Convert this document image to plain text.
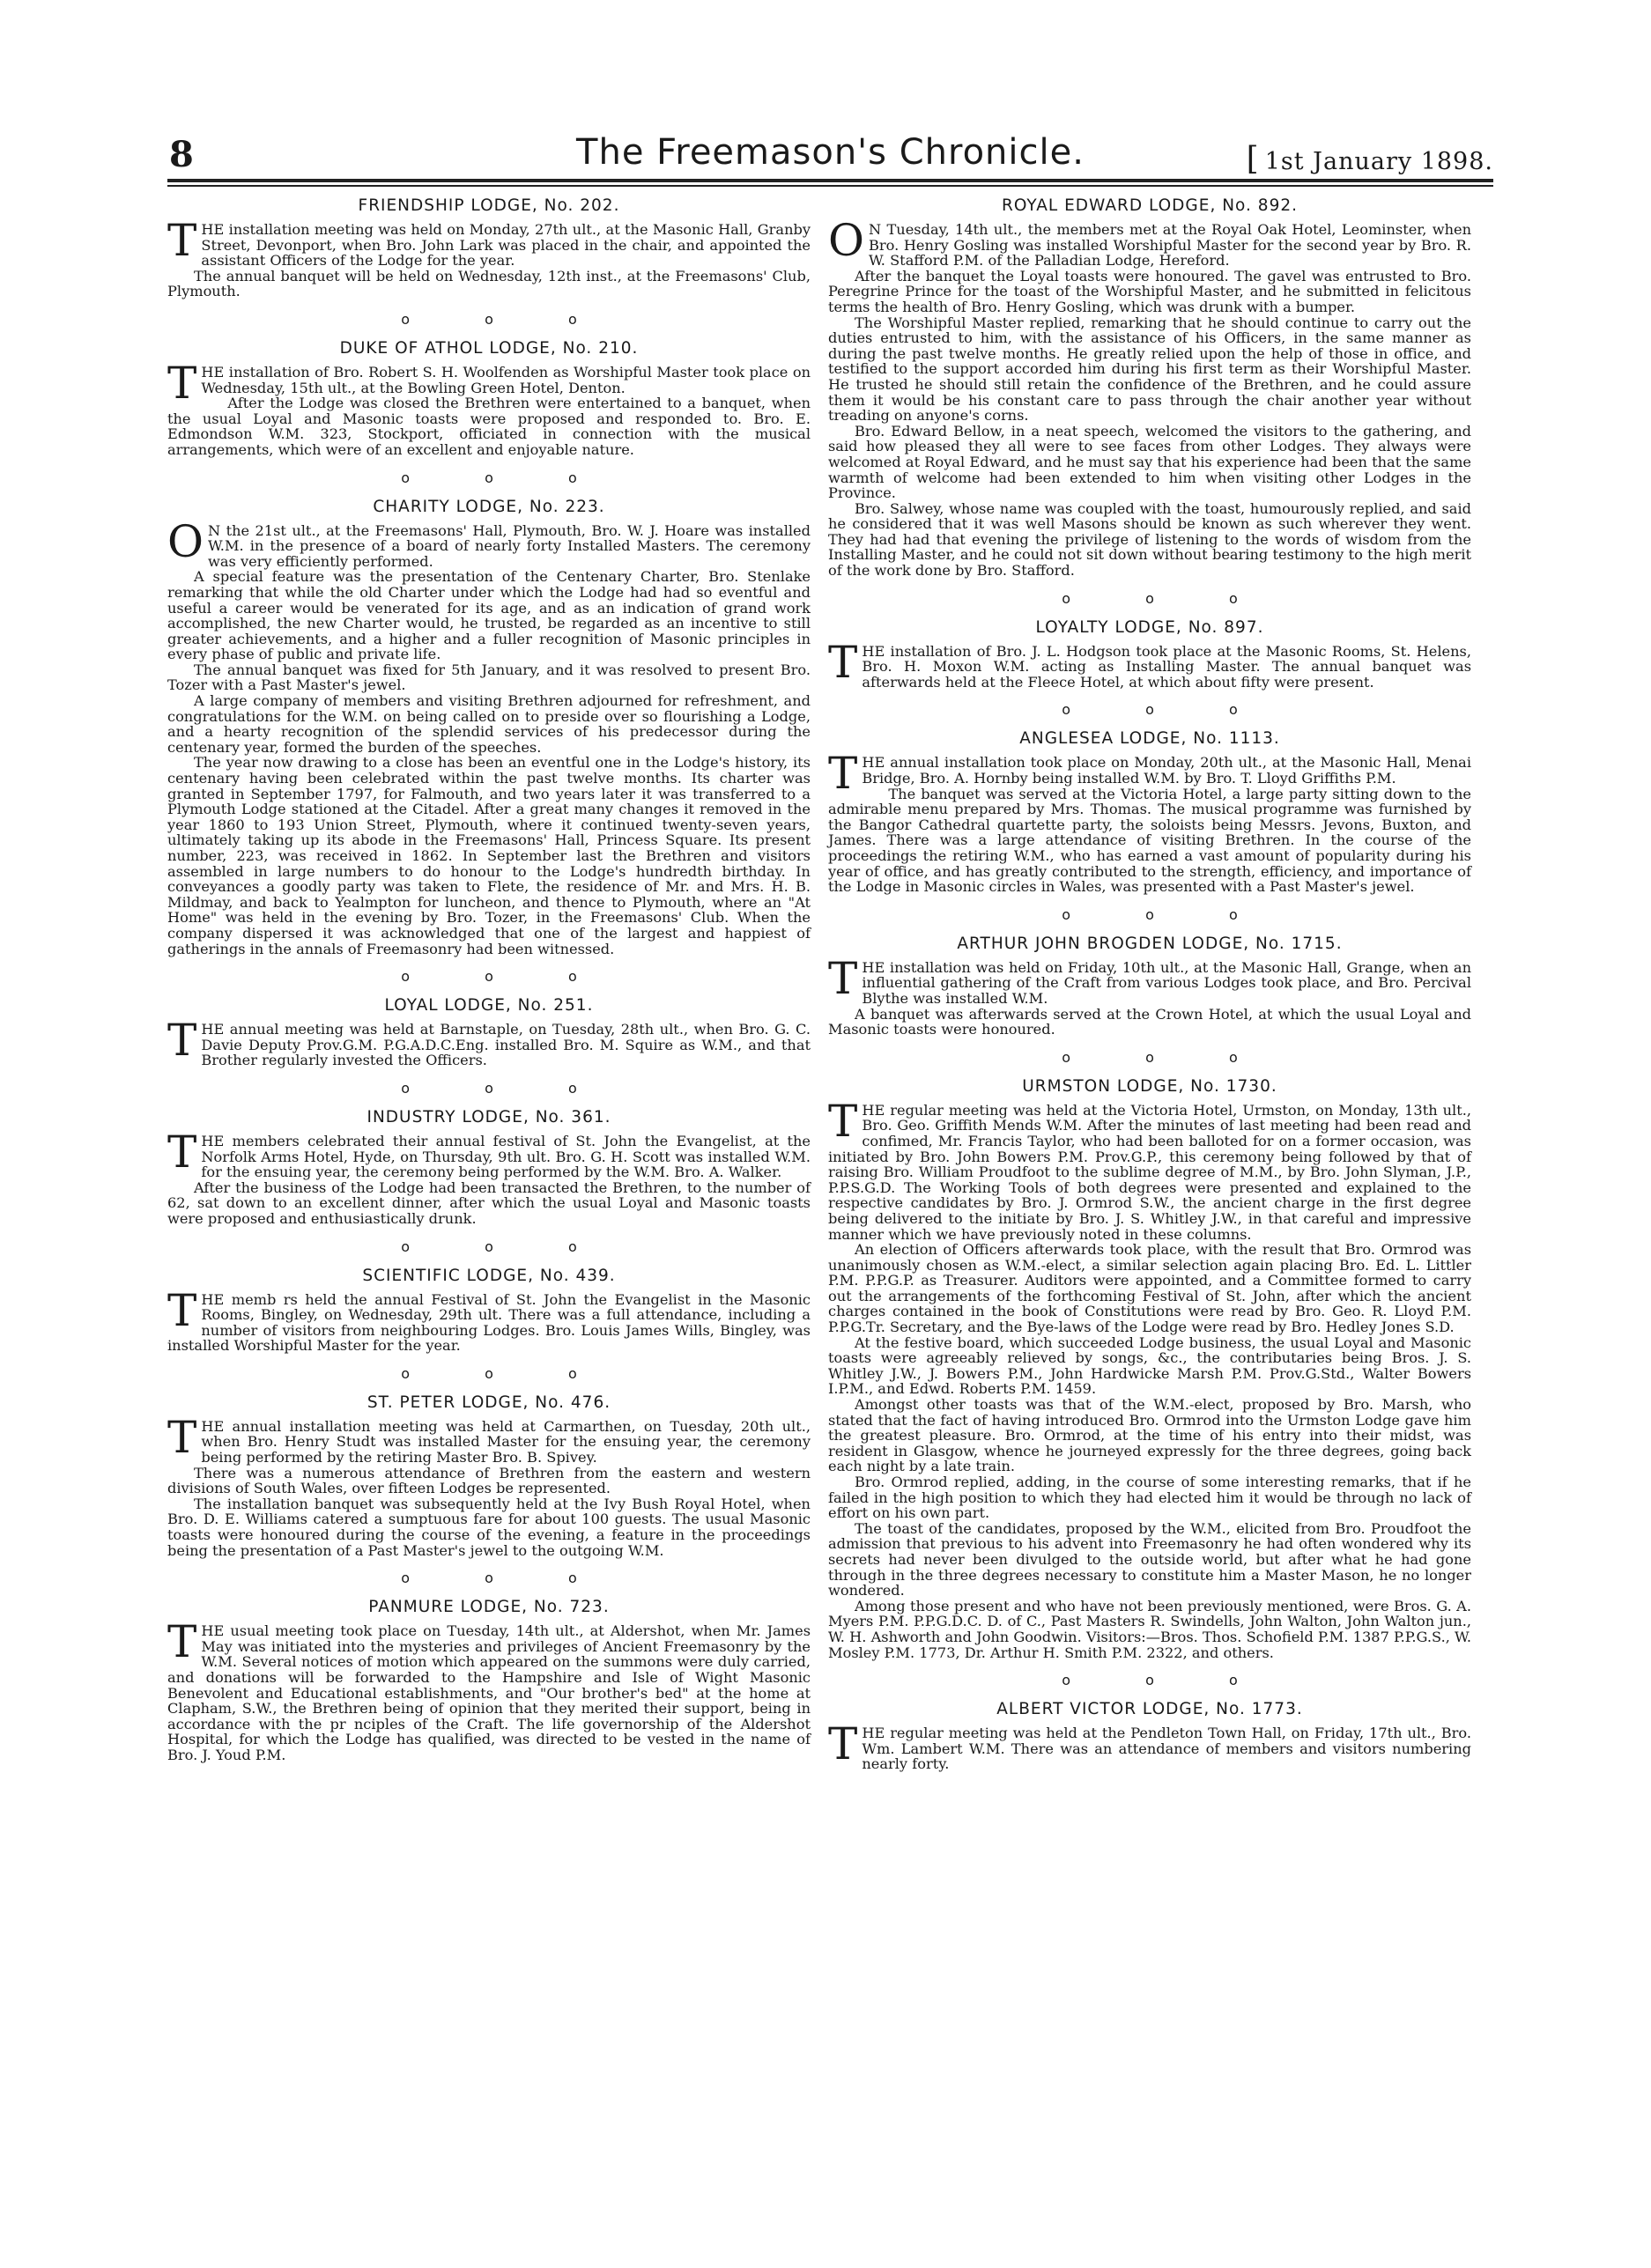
8	The Freemason's Chronicle.	[ 1st January 1898.
FRIENDSHIP LODGE, No. 202.

THE installation meeting was held on Monday, 27th ult., at the Masonic Hall, Granby Street, Devonport, when Bro. John Lark was placed in the chair, and appointed the assistant Officers of the Lodge for the year.

The annual banquet will be held on Wednesday, 12th inst., at the Freemasons' Club, Plymouth.

o o o
DUKE OF ATHOL LODGE, No. 210.

THE installation of Bro. Robert S. H. Woolfenden as Worshipful Master took place on Wednesday, 15th ult., at the Bowling Green Hotel, Denton.

After the Lodge was closed the Brethren were entertained to a banquet, when the usual Loyal and Masonic toasts were proposed and responded to. Bro. E. Edmondson W.M. 323, Stockport, officiated in connection with the musical arrangements, which were of an excellent and enjoyable nature.

o o o
CHARITY LODGE, No. 223.

O N the 21st ult., at the Freemasons' Hall, Plymouth, Bro. W. J. Hoare was installed W.M. in the presence of a board of nearly forty Installed Masters. The ceremony was very efficiently performed.

A special feature was the presentation of the Centenary Charter, Bro. Stenlake remarking that while the old Charter under which the Lodge had had so eventful and useful a career would be venerated for its age, and as an indication of grand work accomplished, the new Charter would, he trusted, be regarded as an incentive to still greater achievements, and a higher and a fuller recognition of Masonic principles in every phase of public and private life.

The annual banquet was fixed for 5th January, and it was resolved to present Bro. Tozer with a Past Master's jewel.

A large company of members and visiting Brethren adjourned for refreshment, and congratulations for the W.M. on being called on to preside over so flourishing a Lodge, and a hearty recognition of the splendid services of his predecessor during the centenary year, formed the burden of the speeches.

The year now drawing to a close has been an eventful one in the Lodge's history, its centenary having been celebrated within the past twelve months. Its charter was granted in September 1797, for Falmouth, and two years later it was transferred to a Plymouth Lodge stationed at the Citadel. After a great many changes it removed in the year 1860 to 193 Union Street, Plymouth, where it continued twenty-seven years, ultimately taking up its abode in the Freemasons' Hall, Princess Square. Its present number, 223, was received in 1862. In September last the Brethren and visitors assembled in large numbers to do honour to the Lodge's hundredth birthday. In conveyances a goodly party was taken to Flete, the residence of Mr. and Mrs. H. B. Mildmay, and back to Yealmpton for luncheon, and thence to Plymouth, where an "At Home" was held in the evening by Bro. Tozer, in the Freemasons' Club. When the company dispersed it was acknowledged that one of the largest and happiest of gatherings in the annals of Freemasonry had been witnessed.

o o o
LOYAL LODGE, No. 251.

THE annual meeting was held at Barnstaple, on Tuesday, 28th ult., when Bro. G. C. Davie Deputy Prov.G.M. P.G.A.D.C.Eng. installed Bro. M. Squire as W.M., and that Brother regularly invested the Officers.

o o o
INDUSTRY LODGE, No. 361.

THE members celebrated their annual festival of St. John the Evangelist, at the Norfolk Arms Hotel, Hyde, on Thursday, 9th ult. Bro. G. H. Scott was installed W.M. for the ensuing year, the ceremony being performed by the W.M. Bro. A. Walker.

After the business of the Lodge had been transacted the Brethren, to the number of 62, sat down to an excellent dinner, after which the usual Loyal and Masonic toasts were proposed and enthusiastically drunk.

o o o
SCIENTIFIC LODGE, No. 439.

THE memb rs held the annual Festival of St. John the Evangelist in the Masonic Rooms, Bingley, on Wednesday, 29th ult. There was a full attendance, including a number of visitors from neighbouring Lodges. Bro. Louis James Wills, Bingley, was installed Worshipful Master for the year.

o o o
ST. PETER LODGE, No. 476.

THE annual installation meeting was held at Carmarthen, on Tuesday, 20th ult., when Bro. Henry Studt was installed Master for the ensuing year, the ceremony being performed by the retiring Master Bro. B. Spivey.

There was a numerous attendance of Brethren from the eastern and western divisions of South Wales, over fifteen Lodges be represented.

The installation banquet was subsequently held at the Ivy Bush Royal Hotel, when Bro. D. E. Williams catered a sumptuous fare for about 100 guests. The usual Masonic toasts were honoured during the course of the evening, a feature in the proceedings being the presentation of a Past Master's jewel to the outgoing W.M.

o o o
PANMURE LODGE, No. 723.

THE usual meeting took place on Tuesday, 14th ult., at Aldershot, when Mr. James May was initiated into the mysteries and privileges of Ancient Freemasonry by the W.M. Several notices of motion which appeared on the summons were duly carried, and donations will be forwarded to the Hampshire and Isle of Wight Masonic Benevolent and Educational establishments, and "Our brother's bed" at the home at Clapham, S.W., the Brethren being of opinion that they merited their support, being in accordance with the pr nciples of the Craft. The life governorship of the Aldershot Hospital, for which the Lodge has qualified, was directed to be vested in the name of Bro. J. Youd P.M.

ROYAL EDWARD LODGE, No. 892.

O N Tuesday, 14th ult., the members met at the Royal Oak Hotel, Leominster, when Bro. Henry Gosling was installed Worshipful Master for the second year by Bro. R. W. Stafford P.M. of the Palladian Lodge, Hereford.

After the banquet the Loyal toasts were honoured. The gavel was entrusted to Bro. Peregrine Prince for the toast of the Worshipful Master, and he submitted in felicitous terms the health of Bro. Henry Gosling, which was drunk with a bumper.

The Worshipful Master replied, remarking that he should continue to carry out the duties entrusted to him, with the assistance of his Officers, in the same manner as during the past twelve months. He greatly relied upon the help of those in office, and testified to the support accorded him during his first term as their Worshipful Master. He trusted he should still retain the confidence of the Brethren, and he could assure them it would be his constant care to pass through the chair another year without treading on anyone's corns.

Bro. Edward Bellow, in a neat speech, welcomed the visitors to the gathering, and said how pleased they all were to see faces from other Lodges. They always were welcomed at Royal Edward, and he must say that his experience had been that the same warmth of welcome had been extended to him when visiting other Lodges in the Province.

Bro. Salwey, whose name was coupled with the toast, humourously replied, and said he considered that it was well Masons should be known as such wherever they went. They had had that evening the privilege of listening to the words of wisdom from the Installing Master, and he could not sit down without bearing testimony to the high merit of the work done by Bro. Stafford.

o o o
LOYALTY LODGE, No. 897.

THE installation of Bro. J. L. Hodgson took place at the Masonic Rooms, St. Helens, Bro. H. Moxon W.M. acting as Installing Master. The annual banquet was afterwards held at the Fleece Hotel, at which about fifty were present.

o o o
ANGLESEA LODGE, No. 1113.

THE annual installation took place on Monday, 20th ult., at the Masonic Hall, Menai Bridge, Bro. A. Hornby being installed W.M. by Bro. T. Lloyd Griffiths P.M.

The banquet was served at the Victoria Hotel, a large party sitting down to the admirable menu prepared by Mrs. Thomas. The musical programme was furnished by the Bangor Cathedral quartette party, the soloists being Messrs. Jevons, Buxton, and James. There was a large attendance of visiting Brethren. In the course of the proceedings the retiring W.M., who has earned a vast amount of popularity during his year of office, and has greatly contributed to the strength, efficiency, and importance of the Lodge in Masonic circles in Wales, was presented with a Past Master's jewel.

o o o
ARTHUR JOHN BROGDEN LODGE, No. 1715.

THE installation was held on Friday, 10th ult., at the Masonic Hall, Grange, when an influential gathering of the Craft from various Lodges took place, and Bro. Percival Blythe was installed W.M.

A banquet was afterwards served at the Crown Hotel, at which the usual Loyal and Masonic toasts were honoured.

o o o
URMSTON LODGE, No. 1730.

THE regular meeting was held at the Victoria Hotel, Urmston, on Monday, 13th ult., Bro. Geo. Griffith Mends W.M. After the minutes of last meeting had been read and confimed, Mr. Francis Taylor, who had been balloted for on a former occasion, was initiated by Bro. John Bowers P.M. Prov.G.P., this ceremony being followed by that of raising Bro. William Proudfoot to the sublime degree of M.M., by Bro. John Slyman, J.P., P.P.S.G.D. The Working Tools of both degrees were presented and explained to the respective candidates by Bro. J. Ormrod S.W., the ancient charge in the first degree being delivered to the initiate by Bro. J. S. Whitley J.W., in that careful and impressive manner which we have previously noted in these columns.

An election of Officers afterwards took place, with the result that Bro. Ormrod was unanimously chosen as W.M.-elect, a similar selection again placing Bro. Ed. L. Littler P.M. P.P.G.P. as Treasurer. Auditors were appointed, and a Committee formed to carry out the arrangements of the forthcoming Festival of St. John, after which the ancient charges contained in the book of Constitutions were read by Bro. Geo. R. Lloyd P.M. P.P.G.Tr. Secretary, and the Bye-laws of the Lodge were read by Bro. Hedley Jones S.D.

At the festive board, which succeeded Lodge business, the usual Loyal and Masonic toasts were agreeably relieved by songs, &c., the contributaries being Bros. J. S. Whitley J.W., J. Bowers P.M., John Hardwicke Marsh P.M. Prov.G.Std., Walter Bowers I.P.M., and Edwd. Roberts P.M. 1459.

Amongst other toasts was that of the W.M.-elect, proposed by Bro. Marsh, who stated that the fact of having introduced Bro. Ormrod into the Urmston Lodge gave him the greatest pleasure. Bro. Ormrod, at the time of his entry into their midst, was resident in Glasgow, whence he journeyed expressly for the three degrees, going back each night by a late train.

Bro. Ormrod replied, adding, in the course of some interesting remarks, that if he failed in the high position to which they had elected him it would be through no lack of effort on his own part.

The toast of the candidates, proposed by the W.M., elicited from Bro. Proudfoot the admission that previous to his advent into Freemasonry he had often wondered why its secrets had never been divulged to the outside world, but after what he had gone through in the three degrees necessary to constitute him a Master Mason, he no longer wondered.

Among those present and who have not been previously mentioned, were Bros. G. A. Myers P.M. P.P.G.D.C. D. of C., Past Masters R. Swindells, John Walton, John Walton jun., W. H. Ashworth and John Goodwin. Visitors:—Bros. Thos. Schofield P.M. 1387 P.P.G.S., W. Mosley P.M. 1773, Dr. Arthur H. Smith P.M. 2322, and others.

o o o
ALBERT VICTOR LODGE, No. 1773.

THE regular meeting was held at the Pendleton Town Hall, on Friday, 17th ult., Bro. Wm. Lambert W.M. There was an attendance of members and visitors numbering nearly forty.
